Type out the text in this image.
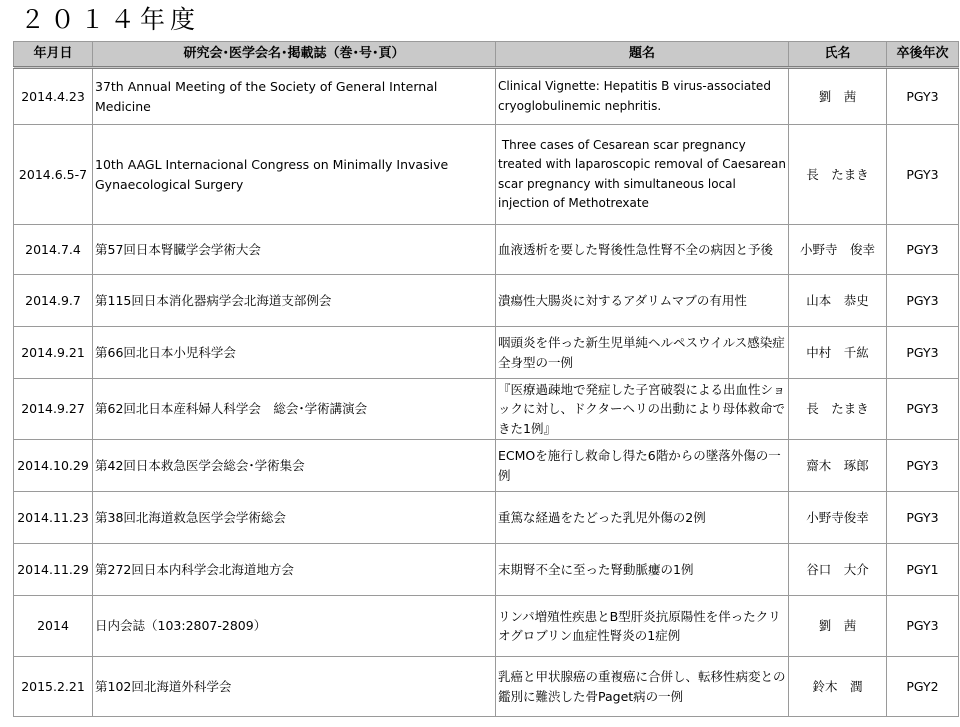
２０１４年度
年月日	研究会･医学会名･掲載誌（巻･号･頁）	題名	氏名	卒後年次
2014.4.23	37th Annual Meeting of the Society of General Internal Medicine	Clinical Vignette: Hepatitis B virus-associated cryoglobulinemic nephritis.	劉　茜	PGY3
2014.6.5-7	10th AAGL Internacional Congress on Minimally Invasive Gynaecological Surgery	Three cases of Cesarean scar pregnancy treated with laparoscopic removal of Caesarean scar pregnancy with simultaneous local injection of Methotrexate	長　たまき	PGY3
2014.7.4	第57回日本腎臓学会学術大会	血液透析を要した腎後性急性腎不全の病因と予後	小野寺　俊幸	PGY3
2014.9.7	第115回日本消化器病学会北海道支部例会	潰瘍性大腸炎に対するアダリムマブの有用性	山本　恭史	PGY3
2014.9.21	第66回北日本小児科学会	咽頭炎を伴った新生児単純ヘルペスウイルス感染症全身型の一例	中村　千紘	PGY3
2014.9.27	第62回北日本産科婦人科学会　総会･学術講演会	『医療過疎地で発症した子宮破裂による出血性ショックに対し、ドクターヘリの出動により母体救命できた1例』	長　たまき	PGY3
2014.10.29	第42回日本救急医学会総会･学術集会	ECMOを施行し救命し得た6階からの墜落外傷の一例	齋木　琢郎	PGY3
2014.11.23	第38回北海道救急医学会学術総会	重篤な経過をたどった乳児外傷の2例	小野寺俊幸	PGY3
2014.11.29	第272回日本内科学会北海道地方会	末期腎不全に至った腎動脈瘻の1例	谷口　大介	PGY1
2014	日内会誌（103:2807-2809）	リンパ増殖性疾患とB型肝炎抗原陽性を伴ったクリオグロブリン血症性腎炎の1症例	劉　茜	PGY3
2015.2.21	第102回北海道外科学会	乳癌と甲状腺癌の重複癌に合併し、転移性病変との鑑別に難渋した骨Paget病の一例	鈴木　潤	PGY2
